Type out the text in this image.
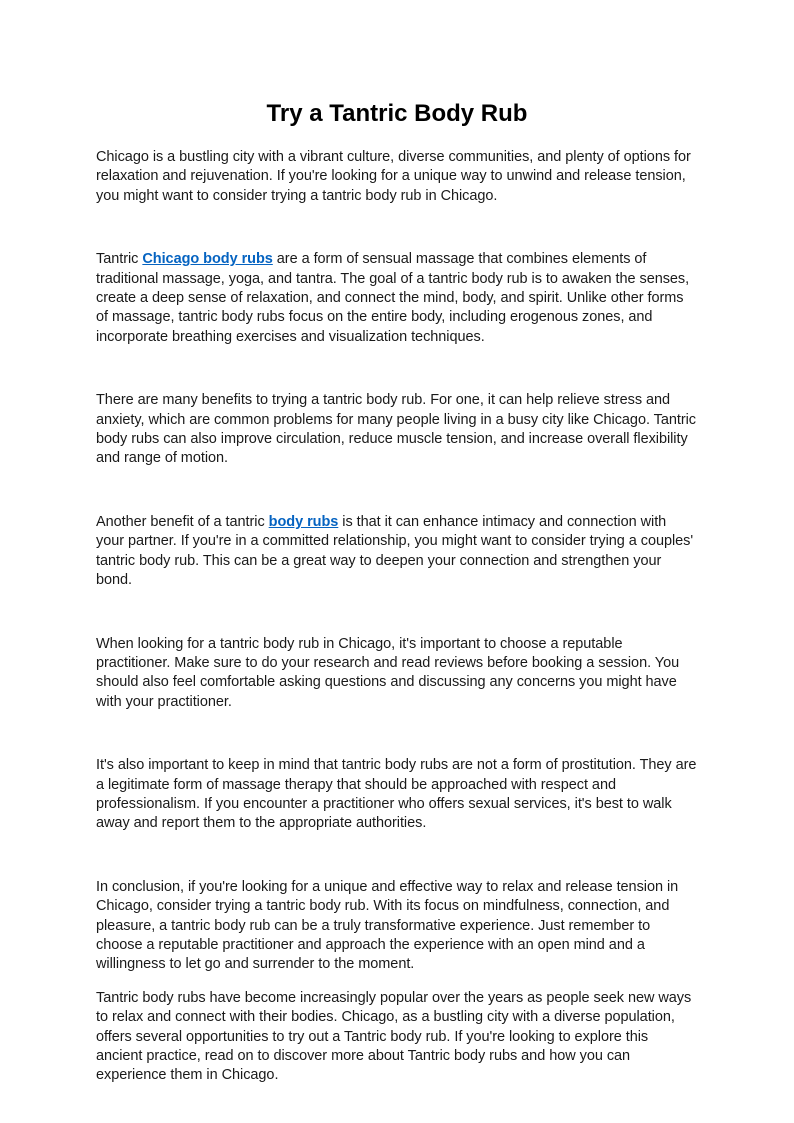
Try a Tantric Body Rub

Chicago is a bustling city with a vibrant culture, diverse communities, and plenty of options for relaxation and rejuvenation. If you're looking for a unique way to unwind and release tension, you might want to consider trying a tantric body rub in Chicago.

Tantric Chicago body rubs are a form of sensual massage that combines elements of traditional massage, yoga, and tantra. The goal of a tantric body rub is to awaken the senses, create a deep sense of relaxation, and connect the mind, body, and spirit. Unlike other forms of massage, tantric body rubs focus on the entire body, including erogenous zones, and incorporate breathing exercises and visualization techniques.

There are many benefits to trying a tantric body rub. For one, it can help relieve stress and anxiety, which are common problems for many people living in a busy city like Chicago. Tantric body rubs can also improve circulation, reduce muscle tension, and increase overall flexibility and range of motion.

Another benefit of a tantric body rubs is that it can enhance intimacy and connection with your partner. If you're in a committed relationship, you might want to consider trying a couples' tantric body rub. This can be a great way to deepen your connection and strengthen your bond.

When looking for a tantric body rub in Chicago, it's important to choose a reputable practitioner. Make sure to do your research and read reviews before booking a session. You should also feel comfortable asking questions and discussing any concerns you might have with your practitioner.

It's also important to keep in mind that tantric body rubs are not a form of prostitution. They are a legitimate form of massage therapy that should be approached with respect and professionalism. If you encounter a practitioner who offers sexual services, it's best to walk away and report them to the appropriate authorities.

In conclusion, if you're looking for a unique and effective way to relax and release tension in Chicago, consider trying a tantric body rub. With its focus on mindfulness, connection, and pleasure, a tantric body rub can be a truly transformative experience. Just remember to choose a reputable practitioner and approach the experience with an open mind and a willingness to let go and surrender to the moment.

Tantric body rubs have become increasingly popular over the years as people seek new ways to relax and connect with their bodies. Chicago, as a bustling city with a diverse population, offers several opportunities to try out a Tantric body rub. If you're looking to explore this ancient practice, read on to discover more about Tantric body rubs and how you can experience them in Chicago.
